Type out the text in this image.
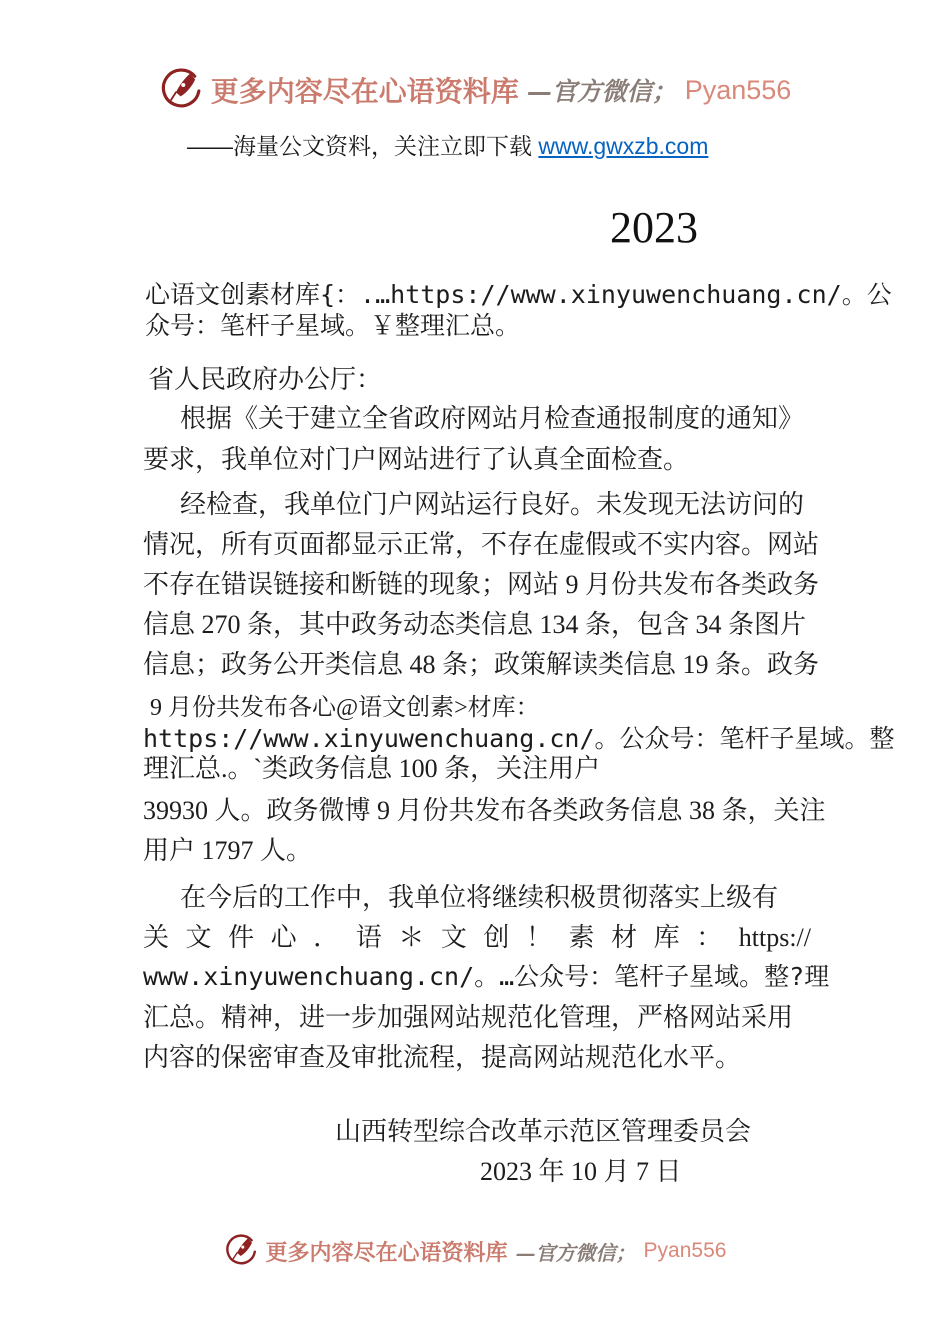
更多内容尽在心语资料库 —官方微信； Pyan556
——海量公文资料，关注立即下载 www.gwxzb.com
2023
心语文创素材库{：.…https://www.xinyuwenchuang.cn/。公
众号：笔杆子星域。￥整理汇总。
省人民政府办公厅：
根据《关于建立全省政府网站月检查通报制度的通知》
要求，我单位对门户网站进行了认真全面检查。
经检查，我单位门户网站运行良好。未发现无法访问的
情况，所有页面都显示正常，不存在虚假或不实内容。网站
不存在错误链接和断链的现象；网站 9 月份共发布各类政务
信息 270 条，其中政务动态类信息 134 条，包含 34 条图片
信息；政务公开类信息 48 条；政策解读类信息 19 条。政务
9 月份共发布各心@语文创素>材库：
https://www.xinyuwenchuang.cn/。公众号：笔杆子星域。整
理汇总.。`类政务信息 100 条，关注用户
39930 人。政务微博 9 月份共发布各类政务信息 38 条，关注
用户 1797 人。
在今后的工作中，我单位将继续积极贯彻落实上级有
关 文 件 心 ． 语 ＊ 文 创 ！ 素 材 库 ： https://
www.xinyuwenchuang.cn/。…公众号：笔杆子星域。整?理
汇总。精神，进一步加强网站规范化管理，严格网站采用
内容的保密审查及审批流程，提高网站规范化水平。
山西转型综合改革示范区管理委员会
2023 年 10 月 7 日
更多内容尽在心语资料库 —官方微信； Pyan556
